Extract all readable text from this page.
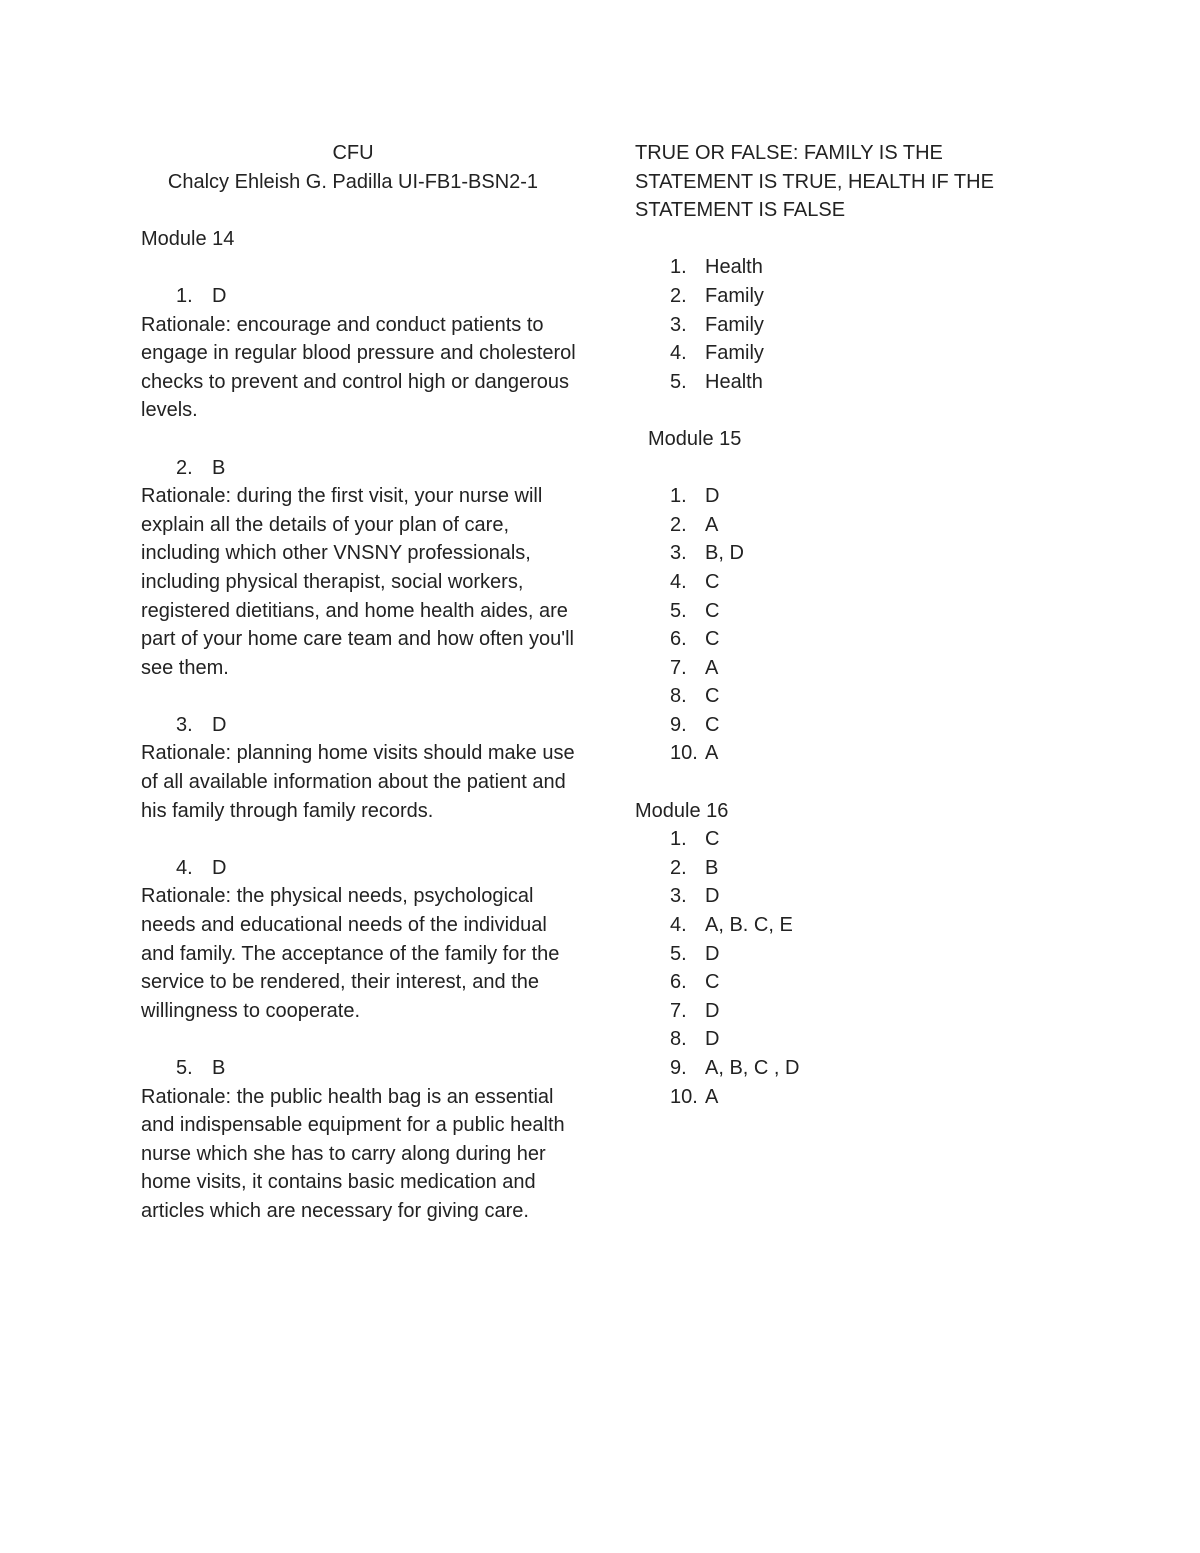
CFU
Chalcy Ehleish G. Padilla UI-FB1-BSN2-1
Module 14
1. D
Rationale: encourage and conduct patients to engage in regular blood pressure and cholesterol checks to prevent and control high or dangerous levels.
2. B
Rationale: during the first visit, your nurse will explain all the details of your plan of care, including which other VNSNY professionals, including physical therapist, social workers, registered dietitians, and home health aides, are part of your home care team and how often you'll see them.
3. D
Rationale: planning home visits should make use of all available information about the patient and his family through family records.
4. D
Rationale: the physical needs, psychological needs and educational needs of the individual and family. The acceptance of the family for the service to be rendered, their interest, and the willingness to cooperate.
5. B
Rationale: the public health bag is an essential and indispensable equipment for a public health nurse which she has to carry along during her home visits, it contains basic medication and articles which are necessary for giving care.
TRUE OR FALSE: FAMILY IS THE STATEMENT IS TRUE, HEALTH IF THE STATEMENT IS FALSE
1. Health
2. Family
3. Family
4. Family
5. Health
Module 15
1. D
2. A
3. B, D
4. C
5. C
6. C
7. A
8. C
9. C
10. A
Module 16
1. C
2. B
3. D
4. A, B. C, E
5. D
6. C
7. D
8. D
9. A, B, C , D
10. A
